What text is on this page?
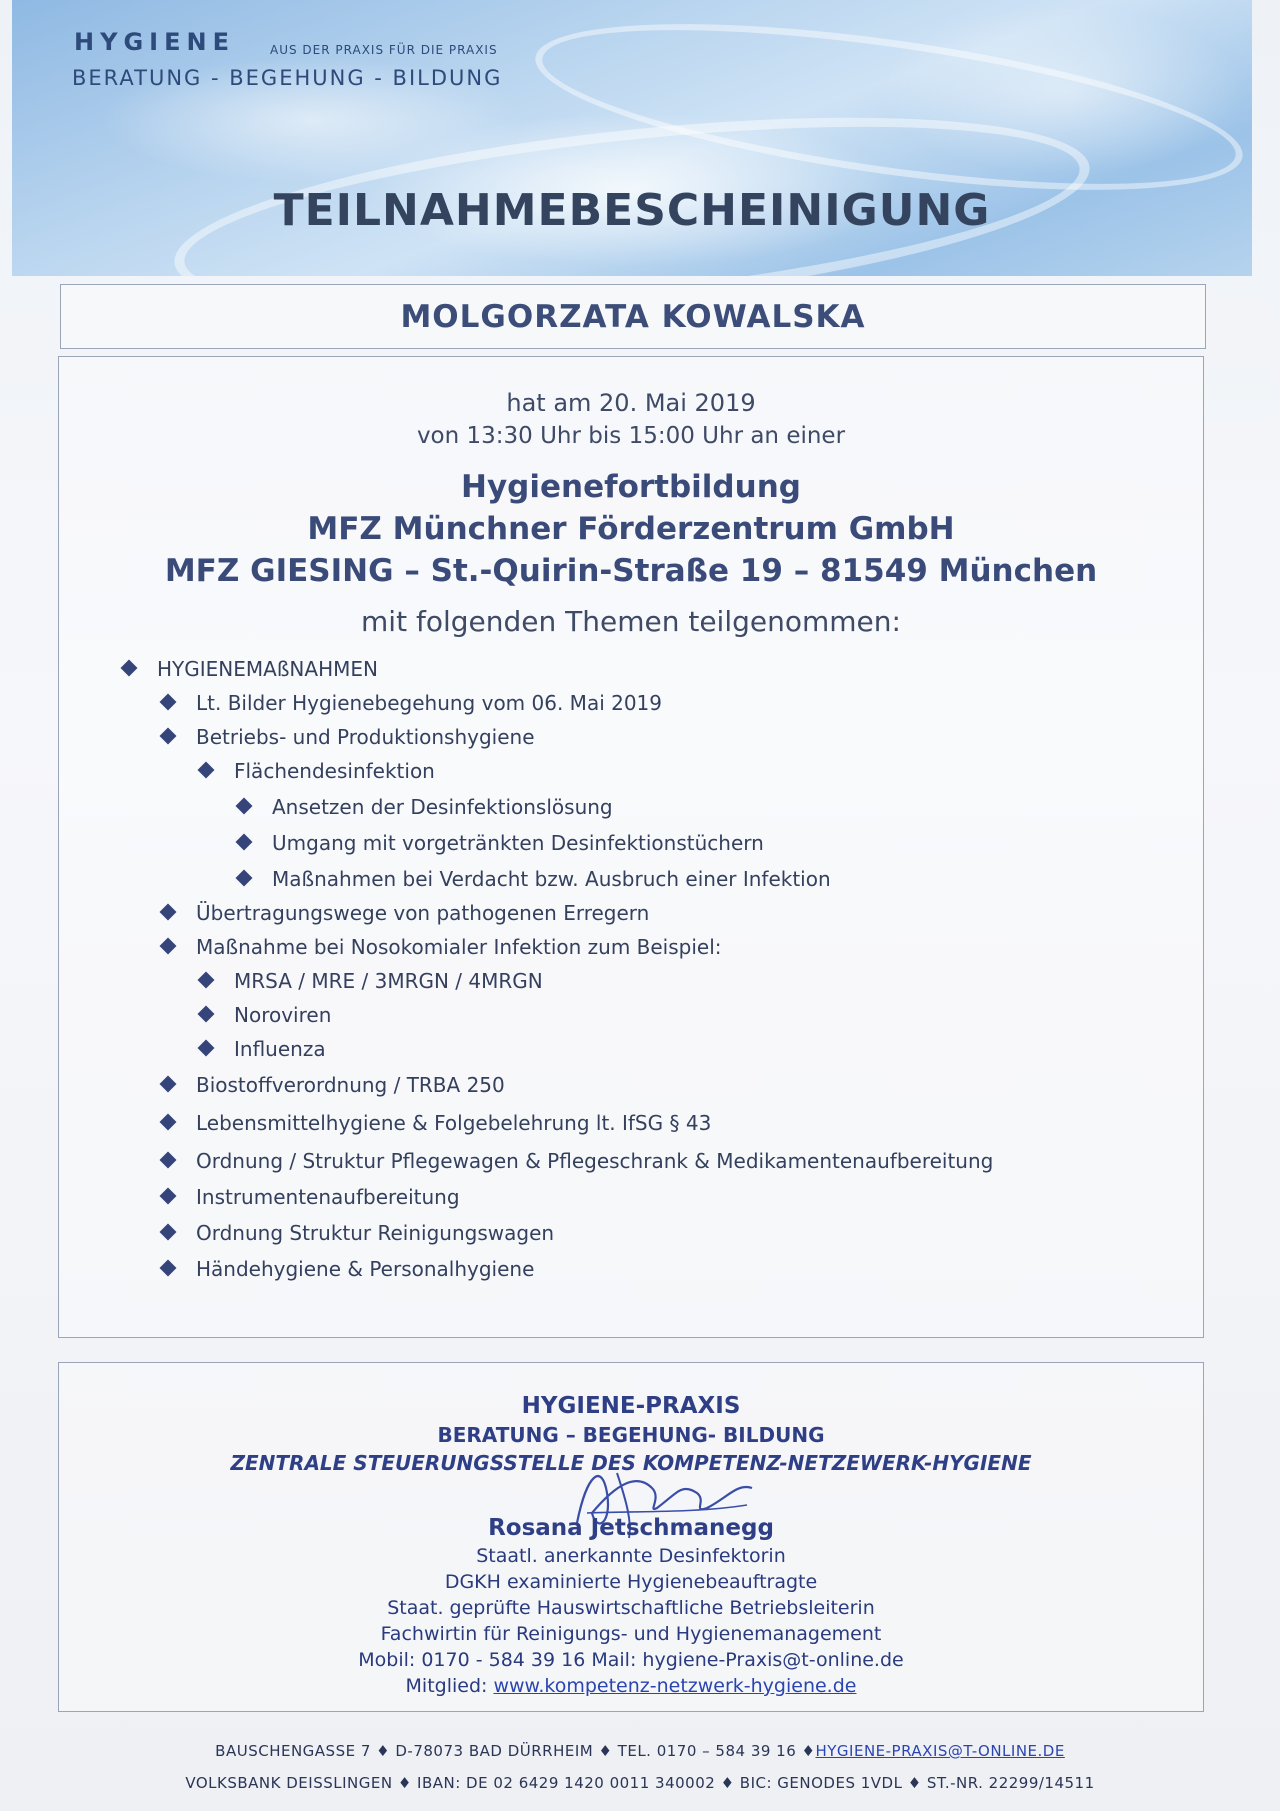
HYGIENE	AUS DER PRAXIS FÜR DIE PRAXIS
BERATUNG - BEGEHUNG - BILDUNG
TEILNAHMEBESCHEINIGUNG
MOLGORZATA KOWALSKA
hat am 20. Mai 2019
von 13:30 Uhr bis 15:00 Uhr an einer
Hygienefortbildung
MFZ Münchner Förderzentrum GmbH
MFZ GIESING – St.-Quirin-Straße 19 – 81549 München
mit folgenden Themen teilgenommen:
HYGIENEMAßNAHMEN
Lt. Bilder Hygienebegehung vom 06. Mai 2019
Betriebs- und Produktionshygiene
Flächendesinfektion
Ansetzen der Desinfektionslösung
Umgang mit vorgetränkten Desinfektionstüchern
Maßnahmen bei Verdacht bzw. Ausbruch einer Infektion
Übertragungswege von pathogenen Erregern
Maßnahme bei Nosokomialer Infektion zum Beispiel:
MRSA / MRE / 3MRGN / 4MRGN
Noroviren
Influenza
Biostoffverordnung / TRBA 250
Lebensmittelhygiene & Folgebelehrung lt. IfSG § 43
Ordnung / Struktur Pflegewagen & Pflegeschrank & Medikamentenaufbereitung
Instrumentenaufbereitung
Ordnung Struktur Reinigungswagen
Händehygiene & Personalhygiene
HYGIENE-PRAXIS
BERATUNG – BEGEHUNG- BILDUNG
ZENTRALE STEUERUNGSSTELLE DES KOMPETENZ-NETZEWERK-HYGIENE
Rosana Jetschmanegg
Staatl. anerkannte Desinfektorin
DGKH examinierte Hygienebeauftragte
Staat. geprüfte Hauswirtschaftliche Betriebsleiterin
Fachwirtin für Reinigungs- und Hygienemanagement
Mobil: 0170 - 584 39 16 Mail: hygiene-Praxis@t-online.de
Mitglied: www.kompetenz-netzwerk-hygiene.de
BAUSCHENGASSE 7 ♦ D-78073 BAD DÜRRHEIM ♦ TEL. 0170 – 584 39 16 ♦HYGIENE-PRAXIS@T-ONLINE.DE
VOLKSBANK DEISSLINGEN ♦ IBAN: DE 02 6429 1420 0011 340002 ♦ BIC: GENODES 1VDL ♦ ST.-NR. 22299/14511
